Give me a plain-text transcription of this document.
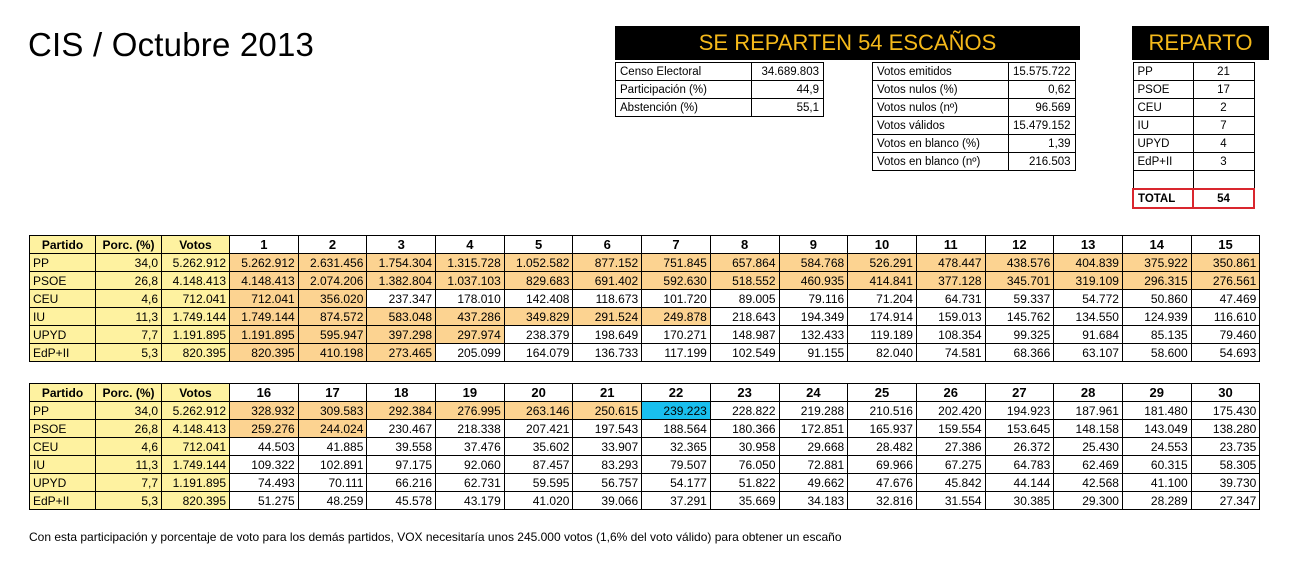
CIS / Octubre 2013	SE REPARTEN 54 ESCAÑOS	REPARTO
Censo Electoral	34.689.803
Participación (%)	44,9
Abstención (%)	55,1
Votos emitidos	15.575.722
Votos nulos (%)	0,62
Votos nulos (nº)	96.569
Votos válidos	15.479.152
Votos en blanco (%)	1,39
Votos en blanco (nº)	216.503
PP	21
PSOE	17
CEU	2
IU	7
UPYD	4
EdP+II	3

TOTAL	54
Partido	Porc. (%)	Votos	1	2	3	4	5	6	7	8	9	10	11	12	13	14	15
PP	34,0	5.262.912	5.262.912	2.631.456	1.754.304	1.315.728	1.052.582	877.152	751.845	657.864	584.768	526.291	478.447	438.576	404.839	375.922	350.861
PSOE	26,8	4.148.413	4.148.413	2.074.206	1.382.804	1.037.103	829.683	691.402	592.630	518.552	460.935	414.841	377.128	345.701	319.109	296.315	276.561
CEU	4,6	712.041	712.041	356.020	237.347	178.010	142.408	118.673	101.720	89.005	79.116	71.204	64.731	59.337	54.772	50.860	47.469
IU	11,3	1.749.144	1.749.144	874.572	583.048	437.286	349.829	291.524	249.878	218.643	194.349	174.914	159.013	145.762	134.550	124.939	116.610
UPYD	7,7	1.191.895	1.191.895	595.947	397.298	297.974	238.379	198.649	170.271	148.987	132.433	119.189	108.354	99.325	91.684	85.135	79.460
EdP+II	5,3	820.395	820.395	410.198	273.465	205.099	164.079	136.733	117.199	102.549	91.155	82.040	74.581	68.366	63.107	58.600	54.693
Partido	Porc. (%)	Votos	16	17	18	19	20	21	22	23	24	25	26	27	28	29	30
PP	34,0	5.262.912	328.932	309.583	292.384	276.995	263.146	250.615	239.223	228.822	219.288	210.516	202.420	194.923	187.961	181.480	175.430
PSOE	26,8	4.148.413	259.276	244.024	230.467	218.338	207.421	197.543	188.564	180.366	172.851	165.937	159.554	153.645	148.158	143.049	138.280
CEU	4,6	712.041	44.503	41.885	39.558	37.476	35.602	33.907	32.365	30.958	29.668	28.482	27.386	26.372	25.430	24.553	23.735
IU	11,3	1.749.144	109.322	102.891	97.175	92.060	87.457	83.293	79.507	76.050	72.881	69.966	67.275	64.783	62.469	60.315	58.305
UPYD	7,7	1.191.895	74.493	70.111	66.216	62.731	59.595	56.757	54.177	51.822	49.662	47.676	45.842	44.144	42.568	41.100	39.730
EdP+II	5,3	820.395	51.275	48.259	45.578	43.179	41.020	39.066	37.291	35.669	34.183	32.816	31.554	30.385	29.300	28.289	27.347
Con esta participación y porcentaje de voto para los demás partidos, VOX necesitaría unos 245.000 votos (1,6% del voto válido) para obtener un escaño
